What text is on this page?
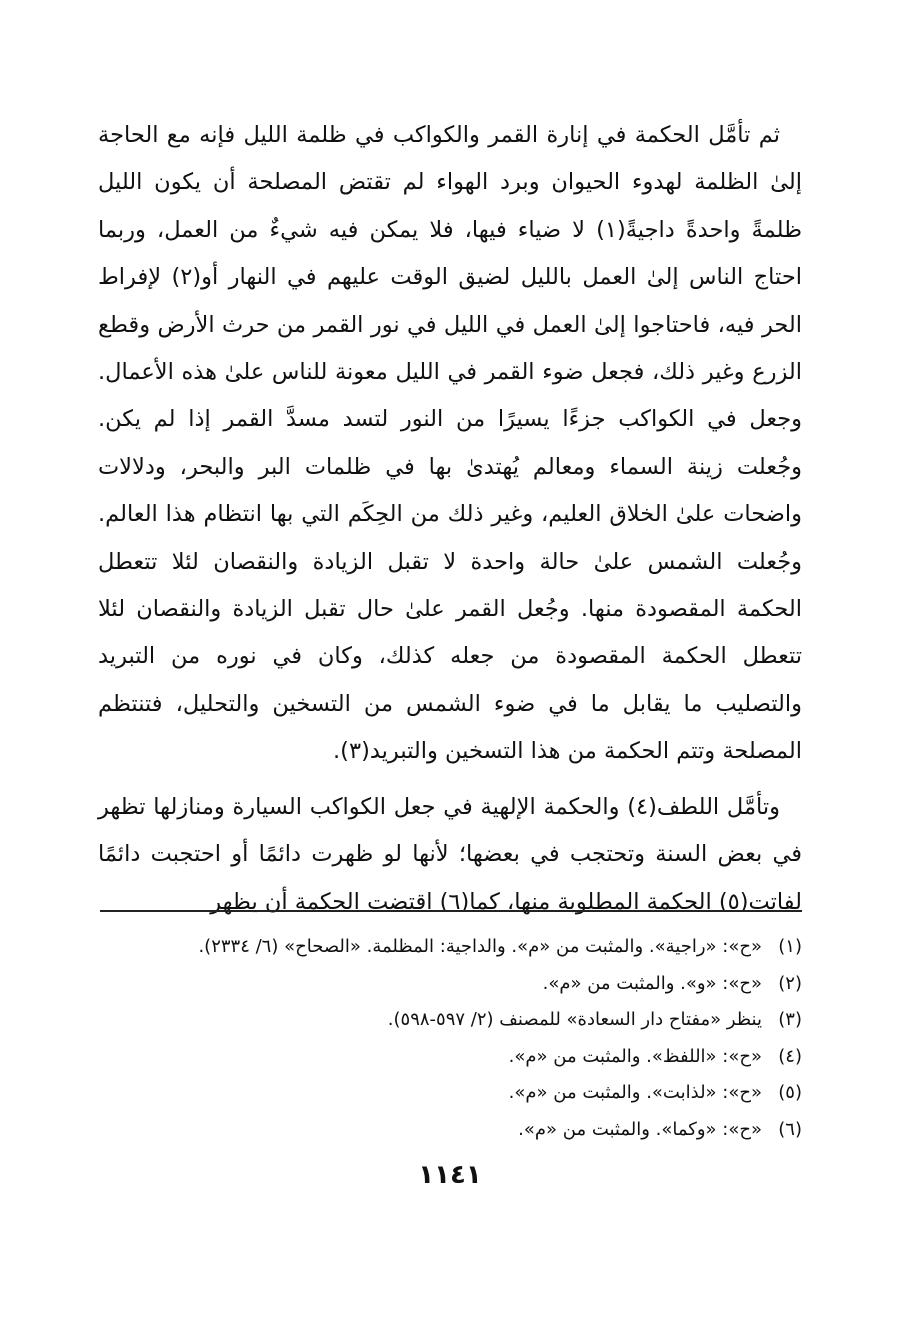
ثم تأمَّل الحكمة في إنارة القمر والكواكب في ظلمة الليل فإنه مع الحاجة إلىٰ الظلمة لهدوء الحيوان وبرد الهواء لم تقتض المصلحة أن يكون الليل ظلمةً واحدةً داجيةً(١) لا ضياء فيها، فلا يمكن فيه شيءٌ من العمل، وربما احتاج الناس إلىٰ العمل بالليل لضيق الوقت عليهم في النهار أو(٢) لإفراط الحر فيه، فاحتاجوا إلىٰ العمل في الليل في نور القمر من حرث الأرض وقطع الزرع وغير ذلك، فجعل ضوء القمر في الليل معونة للناس علىٰ هذه الأعمال. وجعل في الكواكب جزءًا يسيرًا من النور لتسد مسدَّ القمر إذا لم يكن. وجُعلت زينة السماء ومعالم يُهتدىٰ بها في ظلمات البر والبحر، ودلالات واضحات علىٰ الخلاق العليم، وغير ذلك من الحِكَم التي بها انتظام هذا العالم. وجُعلت الشمس علىٰ حالة واحدة لا تقبل الزيادة والنقصان لئلا تتعطل الحكمة المقصودة منها. وجُعل القمر علىٰ حال تقبل الزيادة والنقصان لئلا تتعطل الحكمة المقصودة من جعله كذلك، وكان في نوره من التبريد والتصليب ما يقابل ما في ضوء الشمس من التسخين والتحليل، فتنتظم المصلحة وتتم الحكمة من هذا التسخين والتبريد(٣).

وتأمَّل اللطف(٤) والحكمة الإلهية في جعل الكواكب السيارة ومنازلها تظهر في بعض السنة وتحتجب في بعضها؛ لأنها لو ظهرت دائمًا أو احتجبت دائمًا لفاتت(٥) الحكمة المطلوبة منها، كما(٦) اقتضت الحكمة أن يظهر

(١)
«ح»: «راجية». والمثبت من «م». والداجية: المظلمة. «الصحاح» (٦/ ٢٣٣٤).
(٢)
«ح»: «و». والمثبت من «م».
(٣)
ينظر «مفتاح دار السعادة» للمصنف (٢/ ٥٩٧-٥٩٨).
(٤)
«ح»: «اللفظ». والمثبت من «م».
(٥)
«ح»: «لذابت». والمثبت من «م».
(٦)
«ح»: «وكما». والمثبت من «م».
١١٤١
